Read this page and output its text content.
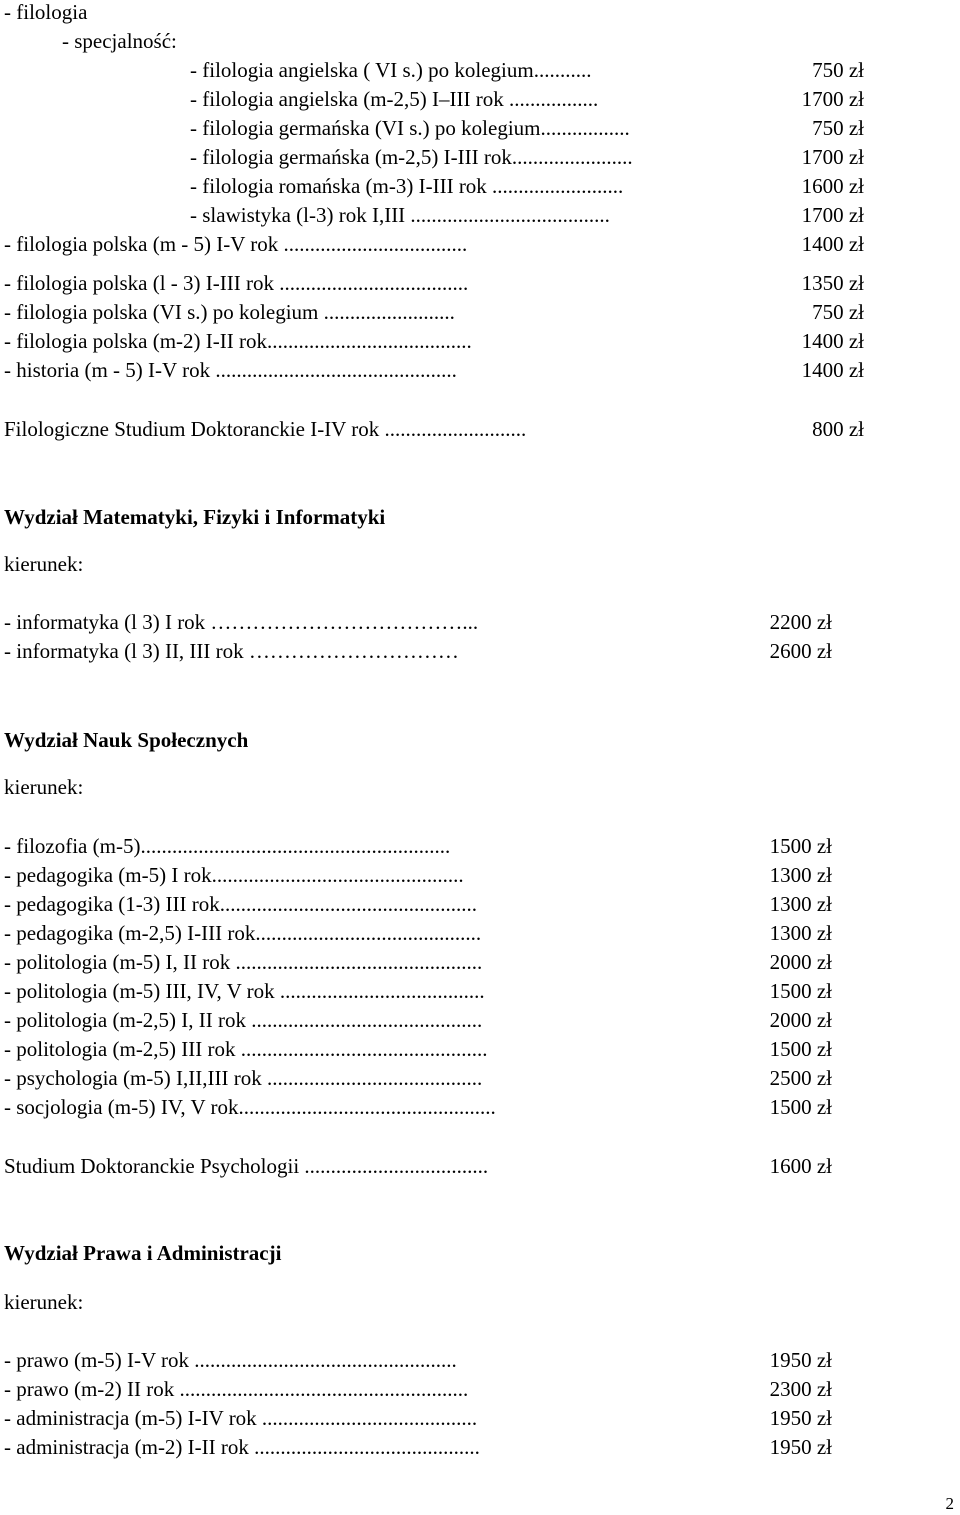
- filologia
- specjalność:
- filologia angielska ( VI s.) po kolegium...........	750 zł
- filologia angielska (m-2,5) I–III rok .................	1700 zł
- filologia germańska (VI s.) po kolegium.................	750 zł
- filologia germańska (m-2,5) I-III rok.......................	1700 zł
- filologia romańska (m-3) I-III rok .........................	1600 zł
- slawistyka (l-3) rok I,III ......................................	1700 zł
- filologia polska (m - 5) I-V rok ...................................	1400 zł
- filologia polska (l - 3) I-III rok ....................................	1350 zł
- filologia polska (VI s.) po kolegium .........................	750 zł
- filologia polska (m-2) I-II rok.......................................	1400 zł
- historia (m - 5) I-V rok ..............................................	1400 zł
Filologiczne Studium Doktoranckie I-IV rok ...........................	800 zł
Wydział Matematyki, Fizyki i Informatyki
kierunek:
- informatyka (l 3) I rok ………………………………...	2200 zł
- informatyka (l 3) II, III rok …………………………	2600 zł
Wydział Nauk Społecznych
kierunek:
- filozofia (m-5)...........................................................	1500 zł
- pedagogika (m-5) I rok................................................	1300 zł
- pedagogika (1-3) III rok.................................................	1300 zł
- pedagogika (m-2,5) I-III rok...........................................	1300 zł
- politologia (m-5) I, II rok ...............................................	2000 zł
- politologia (m-5) III, IV, V rok .......................................	1500 zł
- politologia (m-2,5) I, II rok ............................................	2000 zł
- politologia (m-2,5) III rok ...............................................	1500 zł
- psychologia (m-5) I,II,III rok .........................................	2500 zł
- socjologia (m-5) IV, V rok.................................................	1500 zł
Studium Doktoranckie Psychologii ...................................	1600 zł
Wydział Prawa i Administracji
kierunek:
- prawo (m-5) I-V rok ..................................................	1950 zł
- prawo (m-2) II rok .......................................................	2300 zł
- administracja (m-5) I-IV rok .........................................	1950 zł
- administracja (m-2) I-II rok ...........................................	1950 zł
2
